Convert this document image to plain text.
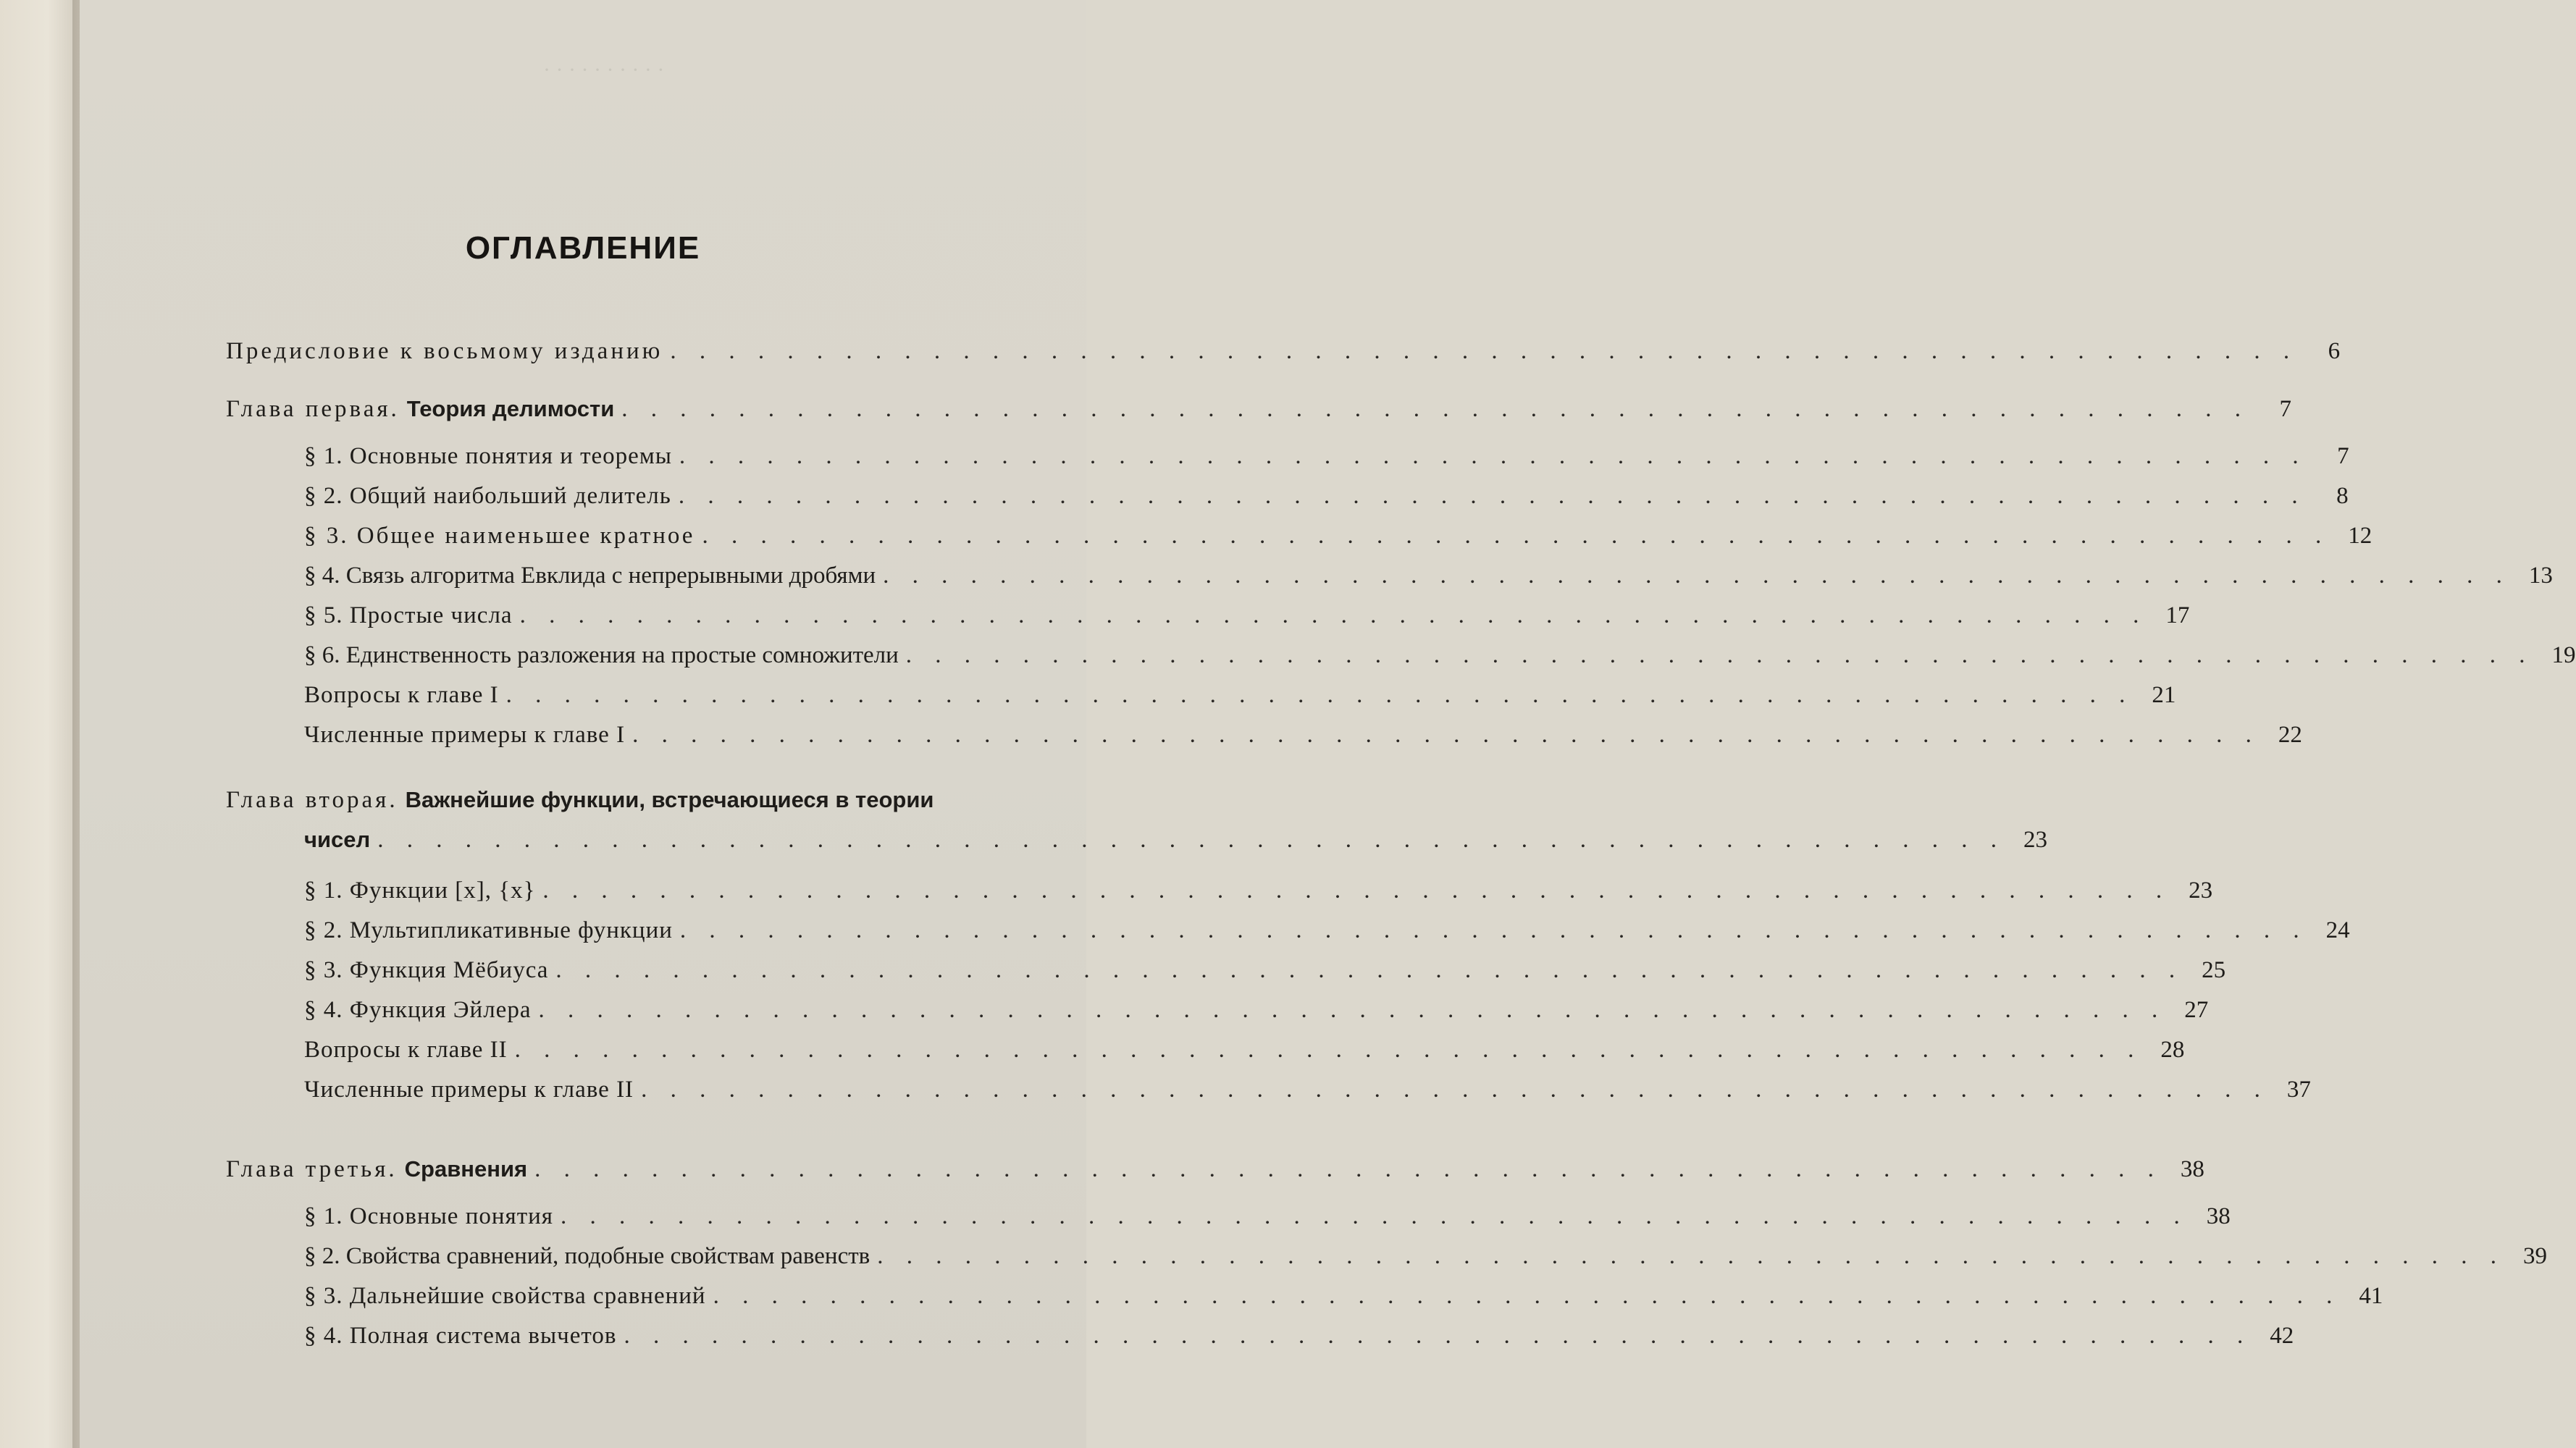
· · · · · · · · · ·
ОГЛАВЛЕНИЕ
Предисловие к восьмому изданию . . .	6
Глава первая. Теория делимости . . .	7
§ 1. Основные понятия и теоремы . . .	7
§ 2. Общий наибольший делитель . . .	8
§ 3. Общее наименьшее кратное . . .	12
§ 4. Связь алгоритма Евклида с непрерывными дробями . . .	13
§ 5. Простые числа . . .	17
§ 6. Единственность разложения на простые сомножители . . .	19
Вопросы к главе I . . .	21
Численные примеры к главе I . . .	22
Глава вторая. Важнейшие функции, встречающиеся в теории
чисел . . .	23
§ 1. Функции [x], {x} . . .	23
§ 2. Мультипликативные функции . . .	24
§ 3. Функция Мёбиуса . . .	25
§ 4. Функция Эйлера . . .	27
Вопросы к главе II . . .	28
Численные примеры к главе II . . .	37
Глава третья. Сравнения . . .	38
§ 1. Основные понятия . . .	38
§ 2. Свойства сравнений, подобные свойствам равенств . . .	39
§ 3. Дальнейшие свойства сравнений . . .	41
§ 4. Полная система вычетов . . .	42
